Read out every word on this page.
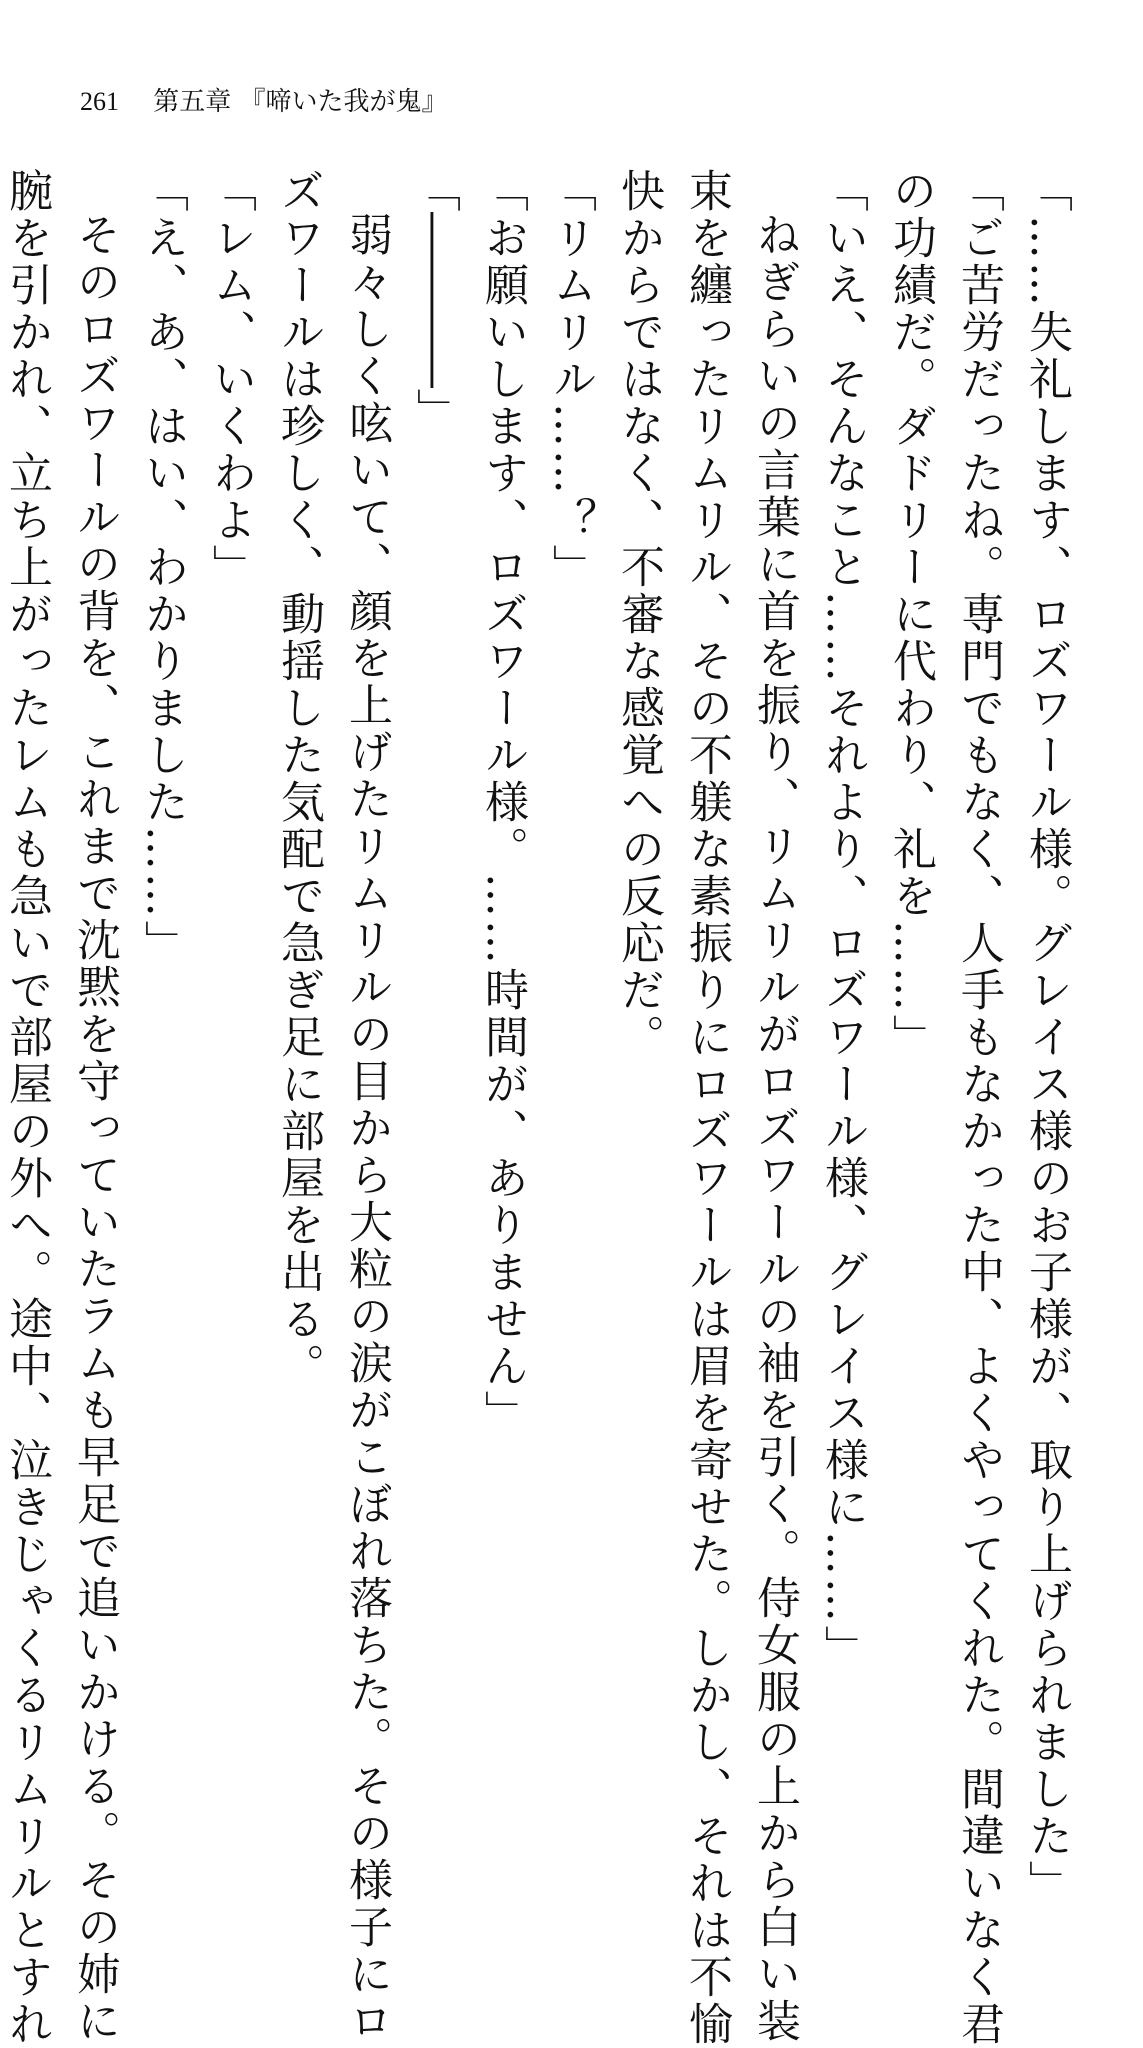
261 第五章 『啼いた我が鬼』
「……失礼します、ロズワール様。グレイス様のお子様が、取り上げられました」
「ご苦労だったね。専門でもなく、人手もなかった中、よくやってくれた。間違いなく君
の功績だ。ダドリーに代わり、礼を……」
「いえ、そんなこと……それより、ロズワール様、グレイス様に……」
ねぎらいの言葉に首を振り、リムリルがロズワールの袖を引く。侍女服の上から白い装
束を纏ったリムリル、その不躾な素振りにロズワールは眉を寄せた。しかし、それは不愉
快からではなく、不審な感覚への反応だ。
「リムリル……？」
「お願いします、ロズワール様。……時間が、ありません」
「――――」
弱々しく呟いて、顔を上げたリムリルの目から大粒の涙がこぼれ落ちた。その様子にロ
ズワールは珍しく、動揺した気配で急ぎ足に部屋を出る。
「レム、いくわよ」
「え、あ、はい、わかりました……」
そのロズワールの背を、これまで沈黙を守っていたラムも早足で追いかける。その姉に
腕を引かれ、立ち上がったレムも急いで部屋の外へ。途中、泣きじゃくるリムリルとすれ
